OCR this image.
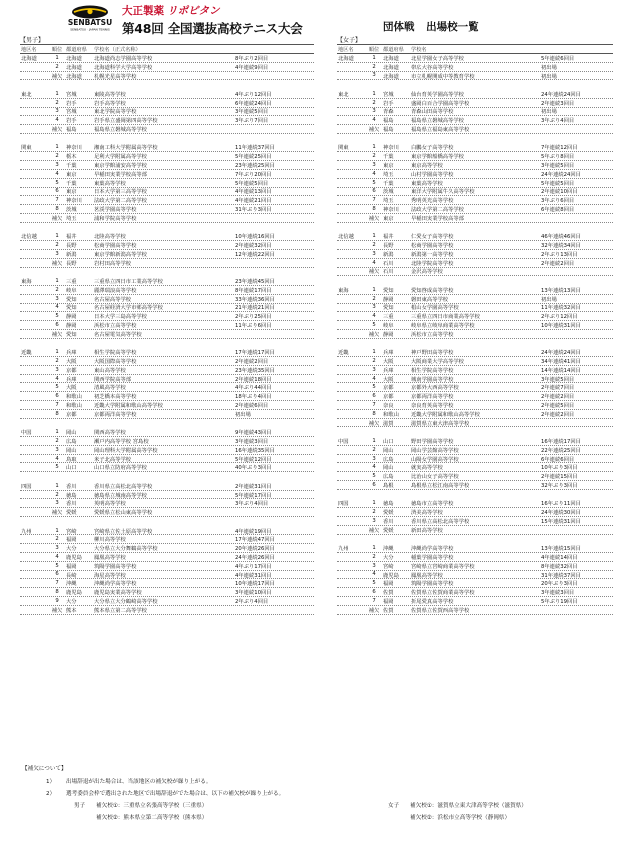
SENBATSU
SENBATSU · JAPAN TENNIS
大正製薬 リポビタン
第48回 全国選抜高校テニス大会	団体戦 出場校一覧
【男子】	【女子】
地区名	順位 都道府県	学校名（正式名称）
北海道	1	北海道	北海道尚志学園高等学校	8年ぶり2回目
2	北海道	北海道科学大学高等学校	4年連続9回目
補欠 北海道	札幌光星高等学校
東北	1	宮城	東陵高等学校	4年ぶり12回目
2	岩手	岩手高等学校	6年連続24回目
3	宮城	東北学院高等学校	3年連続5回目
4	岩手	岩手県立盛岡第四高等学校	3年ぶり7回目
補欠 福島	福島県立磐城高等学校
関東	1	神奈川	湘南工科大学附属高等学校	11年連続37回目
2	栃木	足利大学附属高等学校	5年連続25回目
3	千葉	東京学館浦安高等学校	23年連続25回目
4	東京	早稲田実業学校高等部	7年ぶり20回目
5	千葉	東葉高等学校	5年連続5回目
6	東京	日本大学第三高等学校	4年連続13回目
7	神奈川	法政大学第二高等学校	4年連続21回目
8	茨城	茗渓学園高等学校	31年ぶり3回目
補欠 埼玉	浦和学院高等学校
北信越	1	福井	北陸高等学校	10年連続16回目
2	長野	松商学園高等学校	2年連続32回目
3	新潟	東京学館新潟高等学校	12年連続22回目
補欠 長野	岩村田高等学校
東海	1	三重	三重県立四日市工業高等学校	23年連続45回目
2	岐阜	麗澤瑞浪高等学校	8年連続17回目
3	愛知	名古屋高等学校	33年連続36回目
4	愛知	名古屋経済大学市邨高等学校	21年連続21回目
5	静岡	日本大学三島高等学校	2年ぶり25回目
6	静岡	浜松市立高等学校	11年ぶり6回目
補欠 愛知	名古屋電気高等学校
近畿	1	兵庫	相生学院高等学校	17年連続17回目
2	大阪	大阪国際高等学校	2年連続2回目
3	京都	東山高等学校	23年連続35回目
4	兵庫	関西学院高等部	2年連続18回目
5	大阪	清風高等学校	4年ぶり44回目
6	和歌山	初芝橋本高等学校	18年ぶり4回目
7	和歌山	近畿大学附属和歌山高等学校	2年連続6回目
8	京都	京都両洋高等学校	初出場
中国	1	岡山	関西高等学校	9年連続43回目
2	広島	瀬戸内高等学校 宮島校	3年連続3回目
3	岡山	岡山理科大学附属高等学校	16年連続35回目
4	鳥取	米子北高等学校	5年連続12回目
5	山口	山口県立防府高等学校	40年ぶり3回目
四国	1	香川	香川県立高松北高等学校	2年連続31回目
2	徳島	徳島県立城南高等学校	5年連続17回目
3	香川	英明高等学校	3年ぶり4回目
補欠 愛媛	愛媛県立松山東高等学校
九州	1	宮崎	宮崎県立佐土原高等学校	4年連続19回目
2	福岡	柳川高等学校	17年連続47回目
3	大分	大分県立大分舞鶴高等学校	20年連続26回目
4	鹿児島	鳳凰高等学校	24年連続26回目
5	福岡	筑陽学園高等学校	4年ぶり17回目
6	長崎	海星高等学校	4年連続31回目
7	沖縄	沖縄尚学高等学校	10年連続17回目
8	鹿児島	鹿児島実業高等学校	3年連続10回目
9	大分	大分県立大分鶴崎高等学校	2年ぶり4回目
補欠 熊本	熊本県立第二高等学校
地区名	順位 都道府県	学校名
北海道	1	北海道	北星学園女子高等学校	5年連続6回目
2	北海道	帯広大谷高等学校	初出場
3	北海道	市立札幌開成中等教育学校	初出場
東北	1	宮城	仙台育英学園高等学校	24年連続24回目
2	岩手	盛岡白百合学園高等学校	2年連続3回目
3	青森	青森山田高等学校	初出場
4	福島	福島県立磐城高等学校	3年ぶり4回目
補欠 福島	福島県立福島東高等学校
関東	1	神奈川	白鵬女子高等学校	7年連続12回目
2	千葉	東京学館船橋高等学校	5年ぶり8回目
3	東京	東京高等学校	3年連続5回目
4	埼玉	山村学園高等学校	24年連続24回目
5	千葉	東葉高等学校	5年連続5回目
6	茨城	東洋大学附属牛久高等学校	2年連続10回目
7	埼玉	秀明英光高等学校	3年ぶり6回目
8	神奈川	法政大学第二高等学校	6年連続8回目
補欠 東京	早稲田実業学校高等部
北信越	1	福井	仁愛女子高等学校	46年連続46回目
2	長野	松商学園高等学校	32年連続34回目
3	新潟	新潟第一高等学校	2年ぶり13回目
4	石川	北陸学院高等学校	2年連続2回目
補欠 石川	金沢高等学校
東海	1	愛知	愛知啓成高等学校	13年連続13回目
2	静岡	磐田東高等学校	初出場
3	愛知	椙山女学園高等学校	11年連続32回目
4	三重	三重県立四日市商業高等学校	2年ぶり12回目
5	岐阜	岐阜県立岐阜商業高等学校	10年連続31回目
補欠 静岡	浜松市立高等学校
近畿	1	兵庫	神戸野田高等学校	24年連続24回目
2	大阪	大阪商業大学高等学校	34年連続41回目
3	兵庫	相生学院高等学校	14年連続14回目
4	大阪	城南学園高等学校	3年連続5回目
5	京都	京都外大西高等学校	2年連続7回目
6	京都	京都両洋高等学校	2年連続2回目
7	奈良	奈良育英高等学校	2年連続5回目
8	和歌山	近畿大学附属和歌山高等学校	2年連続2回目
補欠 滋賀	滋賀県立東大津高等学校
中国	1	山口	野田学園高等学校	16年連続17回目
2	岡山	岡山学芸館高等学校	22年連続25回目
3	広島	山陽女学園高等学校	6年連続6回目
4	岡山	就実高等学校	10年ぶり3回目
5	広島	比治山女子高等学校	2年連続15回目
6	島根	島根県立松江南高等学校	32年ぶり3回目
四国	1	徳島	徳島市立高等学校	16年ぶり11回目
2	愛媛	済美高等学校	24年連続30回目
3	香川	香川県立高松北高等学校	15年連続31回目
補欠 愛媛	新田高等学校
九州	1	沖縄	沖縄尚学高等学校	13年連続15回目
2	大分	稲葉学園高等学校	4年連続14回目
3	宮崎	宮崎県立宮崎商業高等学校	8年連続32回目
4	鹿児島	鳳凰高等学校	31年連続37回目
5	福岡	筑陽学園高等学校	20年ぶり3回目
6	佐賀	佐賀県立佐賀商業高等学校	3年連続3回目
7	福岡	折尾愛真高等学校	5年ぶり19回目
補欠 佐賀	佐賀県立佐賀西高等学校
【補欠について】
1） 出場辞退が出た場合は、当該地区の補欠校が繰り上がる。
2） 選考委員会枠で選出された地区で出場辞退がでた場合は、以下の補欠校が繰り上がる。
男子 補欠校①：三重県立名張高等学校（三重県）
補欠校②：熊本県立第二高等学校（熊本県）
女子 補欠校①：滋賀県立東大津高等学校（滋賀県）
補欠校②：浜松市立高等学校（静岡県）
